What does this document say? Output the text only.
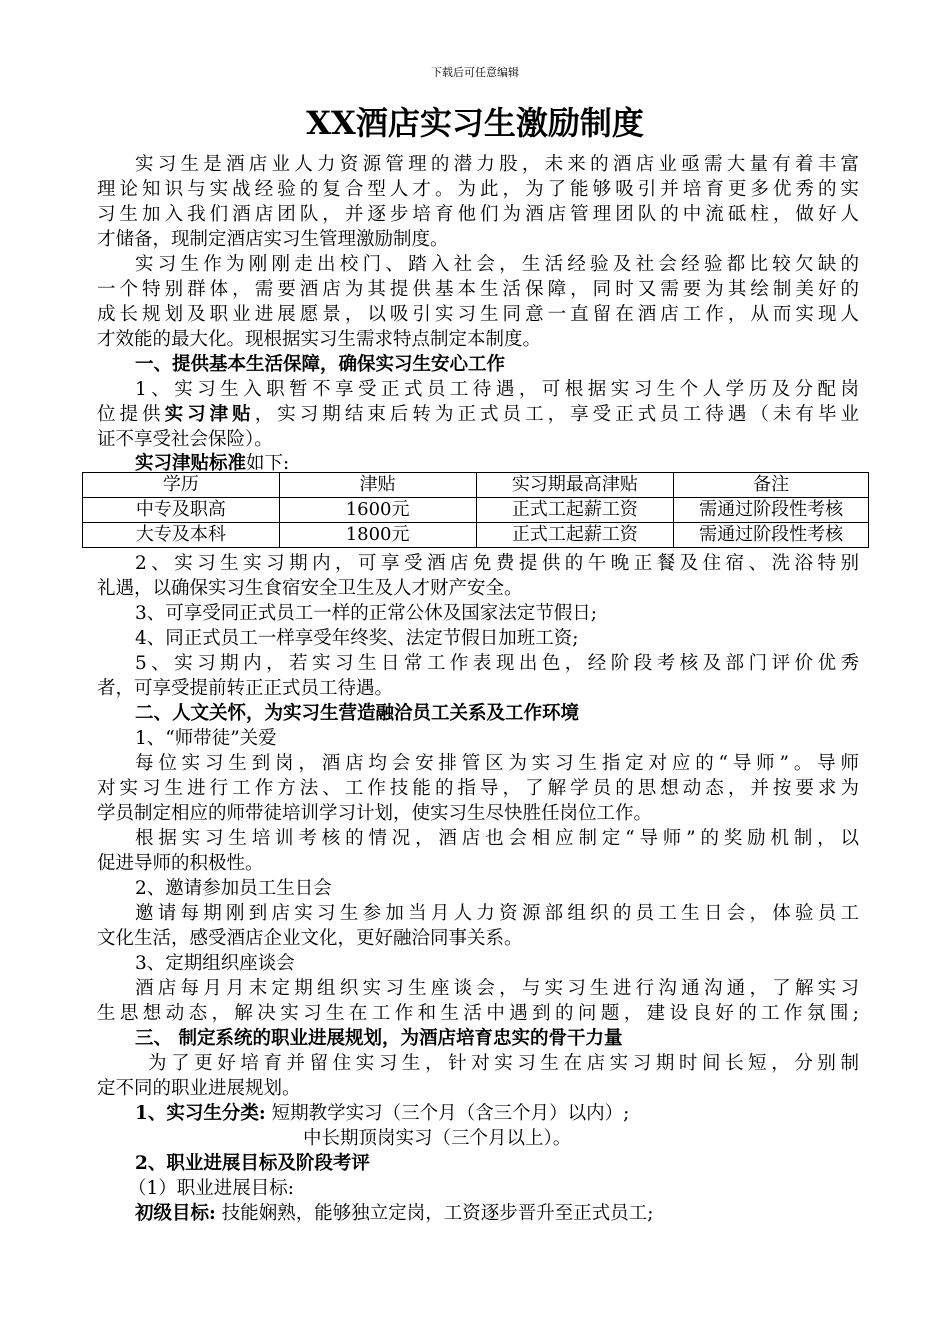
下载后可任意编辑
XX酒店实习生激励制度
实习生是酒店业人力资源管理的潜力股，未来的酒店业亟需大量有着丰富
理论知识与实战经验的复合型人才。为此，为了能够吸引并培育更多优秀的实
习生加入我们酒店团队，并逐步培育他们为酒店管理团队的中流砥柱，做好人
才储备，现制定酒店实习生管理激励制度。
实习生作为刚刚走出校门、踏入社会，生活经验及社会经验都比较欠缺的
一个特别群体，需要酒店为其提供基本生活保障，同时又需要为其绘制美好的
成长规划及职业进展愿景，以吸引实习生同意一直留在酒店工作，从而实现人
才效能的最大化。现根据实习生需求特点制定本制度。
一、提供基本生活保障，确保实习生安心工作
1、实习生入职暂不享受正式员工待遇，可根据实习生个人学历及分配岗
位提供实习津贴，实习期结束后转为正式员工，享受正式员工待遇（未有毕业
证不享受社会保险）。
实习津贴标准如下:
学历	津贴	实习期最高津贴	备注
中专及职高	1600元	正式工起薪工资	需通过阶段性考核
大专及本科	1800元	正式工起薪工资	需通过阶段性考核
2、实习生实习期内，可享受酒店免费提供的午晚正餐及住宿、洗浴特别
礼遇，以确保实习生食宿安全卫生及人才财产安全。
3、可享受同正式员工一样的正常公休及国家法定节假日;
4、同正式员工一样享受年终奖、法定节假日加班工资;
5、实习期内，若实习生日常工作表现出色，经阶段考核及部门评价优秀
者，可享受提前转正正式员工待遇。
二、人文关怀，为实习生营造融洽员工关系及工作环境
1、“师带徒”关爱
每位实习生到岗，酒店均会安排管区为实习生指定对应的“导师”。导师
对实习生进行工作方法、工作技能的指导，了解学员的思想动态，并按要求为
学员制定相应的师带徒培训学习计划，使实习生尽快胜任岗位工作。
根据实习生培训考核的情况，酒店也会相应制定“导师”的奖励机制，以
促进导师的积极性。
2、邀请参加员工生日会
邀请每期刚到店实习生参加当月人力资源部组织的员工生日会，体验员工
文化生活，感受酒店企业文化，更好融洽同事关系。
3、定期组织座谈会
酒店每月月末定期组织实习生座谈会，与实习生进行沟通沟通，了解实习
生思想动态，解决实习生在工作和生活中遇到的问题，建设良好的工作氛围;
三、 制定系统的职业进展规划，为酒店培育忠实的骨干力量
为了更好培育并留住实习生，针对实习生在店实习期时间长短，分别制
定不同的职业进展规划。
1、实习生分类: 短期教学实习（三个月（含三个月）以内）;
中长期顶岗实习（三个月以上）。
2、职业进展目标及阶段考评
（1）职业进展目标:
初级目标: 技能娴熟，能够独立定岗，工资逐步晋升至正式员工;
